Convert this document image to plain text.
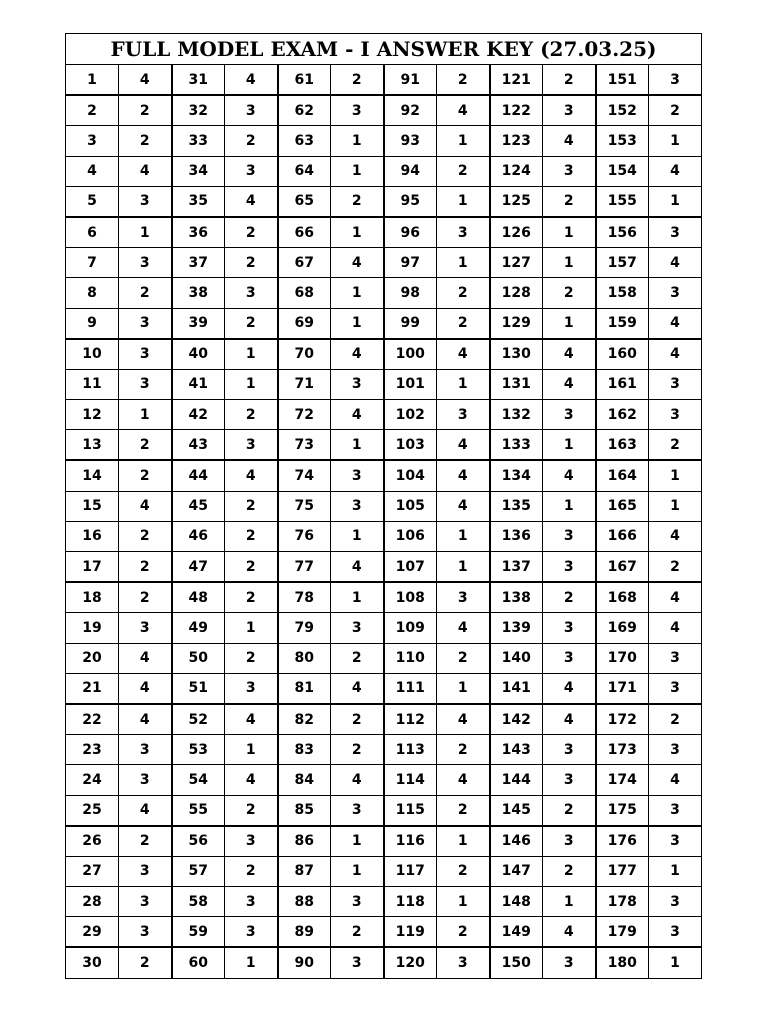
FULL MODEL EXAM - I ANSWER KEY (27.03.25)											
1	4	31	4	61	2	91	2	121	2	151	3
2	2	32	3	62	3	92	4	122	3	152	2
3	2	33	2	63	1	93	1	123	4	153	1
4	4	34	3	64	1	94	2	124	3	154	4
5	3	35	4	65	2	95	1	125	2	155	1
6	1	36	2	66	1	96	3	126	1	156	3
7	3	37	2	67	4	97	1	127	1	157	4
8	2	38	3	68	1	98	2	128	2	158	3
9	3	39	2	69	1	99	2	129	1	159	4
10	3	40	1	70	4	100	4	130	4	160	4
11	3	41	1	71	3	101	1	131	4	161	3
12	1	42	2	72	4	102	3	132	3	162	3
13	2	43	3	73	1	103	4	133	1	163	2
14	2	44	4	74	3	104	4	134	4	164	1
15	4	45	2	75	3	105	4	135	1	165	1
16	2	46	2	76	1	106	1	136	3	166	4
17	2	47	2	77	4	107	1	137	3	167	2
18	2	48	2	78	1	108	3	138	2	168	4
19	3	49	1	79	3	109	4	139	3	169	4
20	4	50	2	80	2	110	2	140	3	170	3
21	4	51	3	81	4	111	1	141	4	171	3
22	4	52	4	82	2	112	4	142	4	172	2
23	3	53	1	83	2	113	2	143	3	173	3
24	3	54	4	84	4	114	4	144	3	174	4
25	4	55	2	85	3	115	2	145	2	175	3
26	2	56	3	86	1	116	1	146	3	176	3
27	3	57	2	87	1	117	2	147	2	177	1
28	3	58	3	88	3	118	1	148	1	178	3
29	3	59	3	89	2	119	2	149	4	179	3
30	2	60	1	90	3	120	3	150	3	180	1
